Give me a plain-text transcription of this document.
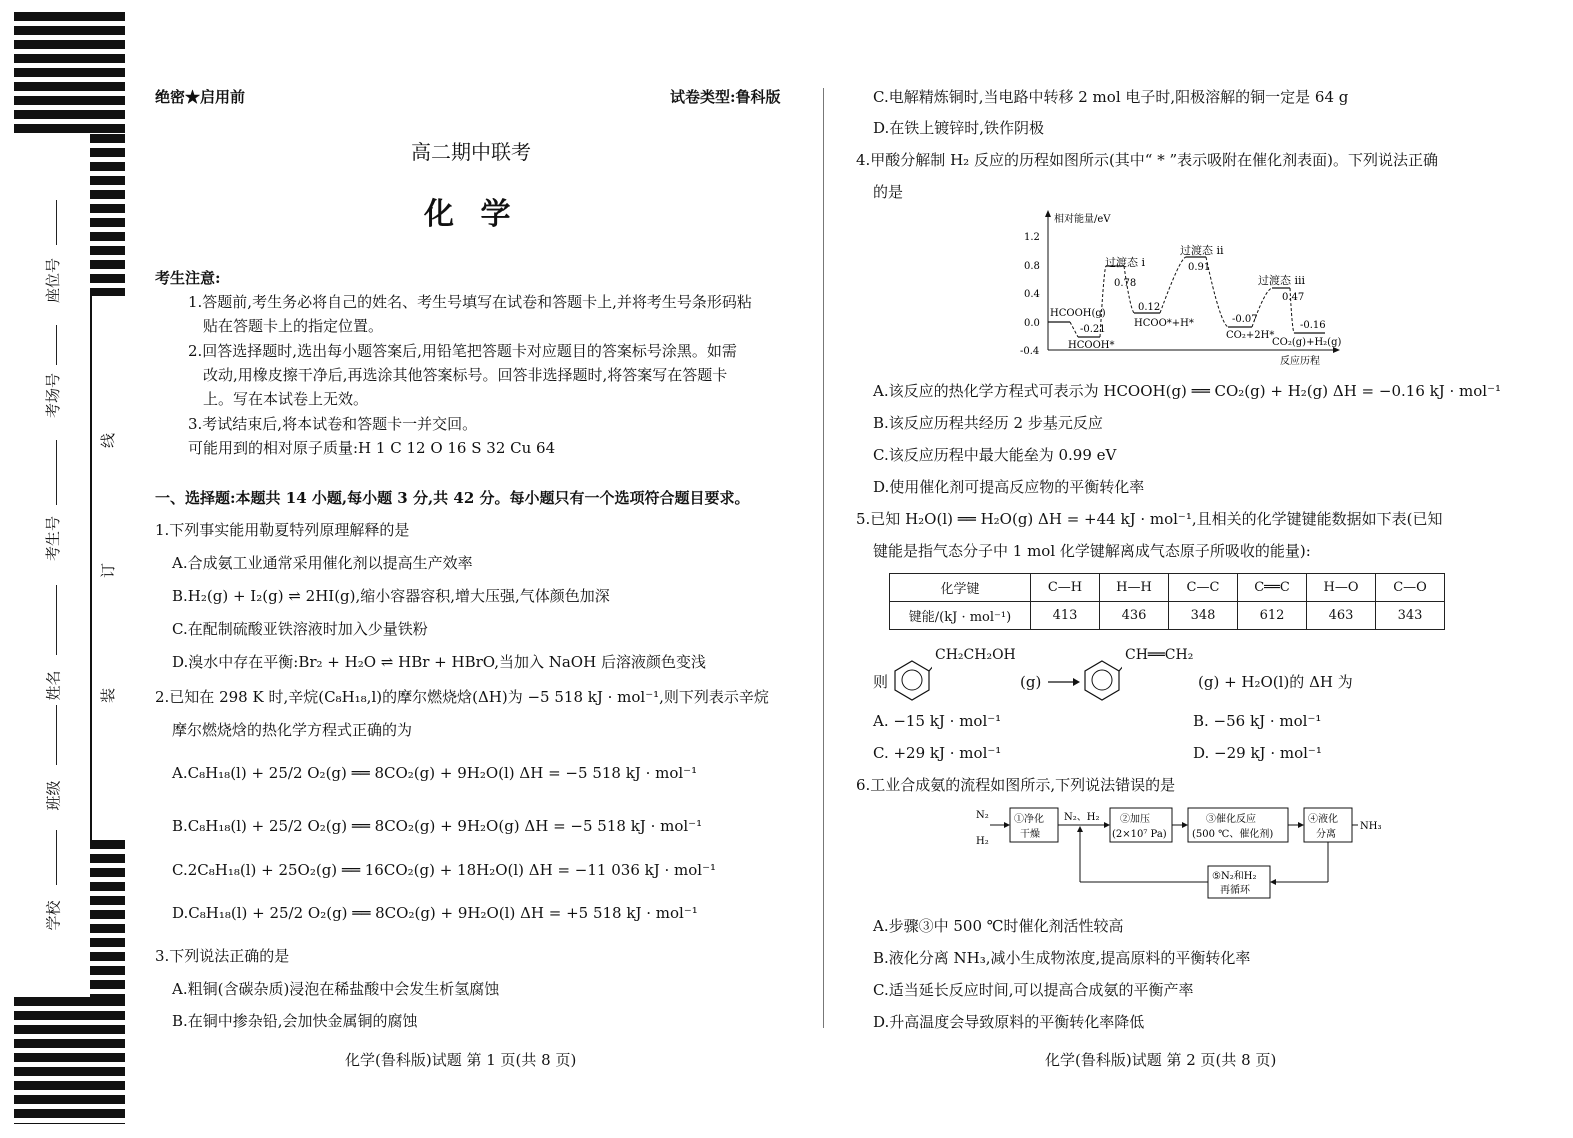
座位号
考场号
考生号
姓名
班级
学校
线
订
装
绝密★启用前	试卷类型:鲁科版
高二期中联考
化 学
考生注意:
1.答题前,考生务必将自己的姓名、考生号填写在试卷和答题卡上,并将考生号条形码粘
贴在答题卡上的指定位置。
2.回答选择题时,选出每小题答案后,用铅笔把答题卡对应题目的答案标号涂黑。如需
改动,用橡皮擦干净后,再选涂其他答案标号。回答非选择题时,将答案写在答题卡
上。写在本试卷上无效。
3.考试结束后,将本试卷和答题卡一并交回。
可能用到的相对原子质量:H 1 C 12 O 16 S 32 Cu 64
一、选择题:本题共 14 小题,每小题 3 分,共 42 分。每小题只有一个选项符合题目要求。
1.下列事实能用勒夏特列原理解释的是
A.合成氨工业通常采用催化剂以提高生产效率
B.H₂(g) + I₂(g) ⇌ 2HI(g),缩小容器容积,增大压强,气体颜色加深
C.在配制硫酸亚铁溶液时加入少量铁粉
D.溴水中存在平衡:Br₂ + H₂O ⇌ HBr + HBrO,当加入 NaOH 后溶液颜色变浅
2.已知在 298 K 时,辛烷(C₈H₁₈,l)的摩尔燃烧焓(ΔH)为 −5 518 kJ · mol⁻¹,则下列表示辛烷
摩尔燃烧焓的热化学方程式正确的为
A.C₈H₁₈(l) + 25/2 O₂(g) ══ 8CO₂(g) + 9H₂O(l) ΔH = −5 518 kJ · mol⁻¹
B.C₈H₁₈(l) + 25/2 O₂(g) ══ 8CO₂(g) + 9H₂O(g) ΔH = −5 518 kJ · mol⁻¹
C.2C₈H₁₈(l) + 25O₂(g) ══ 16CO₂(g) + 18H₂O(l) ΔH = −11 036 kJ · mol⁻¹
D.C₈H₁₈(l) + 25/2 O₂(g) ══ 8CO₂(g) + 9H₂O(l) ΔH = +5 518 kJ · mol⁻¹
3.下列说法正确的是
A.粗铜(含碳杂质)浸泡在稀盐酸中会发生析氢腐蚀
B.在铜中掺杂铅,会加快金属铜的腐蚀
化学(鲁科版)试题 第 1 页(共 8 页)
C.电解精炼铜时,当电路中转移 2 mol 电子时,阳极溶解的铜一定是 64 g
D.在铁上镀锌时,铁作阴极
4.甲酸分解制 H₂ 反应的历程如图所示(其中“ * ”表示吸附在催化剂表面)。下列说法正确
的是
相对能量/eV
反应历程
1.2
0.8
0.4
0.0
-0.4
HCOOH(g)
-0.21
HCOOH*
过渡态 i
0.78
0.12
HCOO*+H*
过渡态 ii
0.91
-0.07
CO₂+2H*
过渡态 iii
0.47
-0.16
CO₂(g)+H₂(g)
A.该反应的热化学方程式可表示为 HCOOH(g) ══ CO₂(g) + H₂(g) ΔH = −0.16 kJ · mol⁻¹
B.该反应历程共经历 2 步基元反应
C.该反应历程中最大能垒为 0.99 eV
D.使用催化剂可提高反应物的平衡转化率
5.已知 H₂O(l) ══ H₂O(g) ΔH = +44 kJ · mol⁻¹,且相关的化学键键能数据如下表(已知
键能是指气态分子中 1 mol 化学键解离成气态原子所吸收的能量):
化学键	C—H	H—H	C—C	C══C	H—O	C—O
键能/(kJ · mol⁻¹)	413	436	348	612	463	343
则
CH₂CH₂OH
(g) →
CH══CH₂
(g) + H₂O(l)的 ΔH 为
A. −15 kJ · mol⁻¹	B. −56 kJ · mol⁻¹
C. +29 kJ · mol⁻¹	D. −29 kJ · mol⁻¹
6.工业合成氨的流程如图所示,下列说法错误的是
N₂
H₂
①净化
干燥
N₂、H₂ ②加压
(2×10⁷ Pa)
③催化反应
(500 ℃、催化剂)
④液化
分离
NH₃
⑤N₂和H₂
再循环
A.步骤③中 500 ℃时催化剂活性较高
B.液化分离 NH₃,减小生成物浓度,提高原料的平衡转化率
C.适当延长反应时间,可以提高合成氨的平衡产率
D.升高温度会导致原料的平衡转化率降低
化学(鲁科版)试题 第 2 页(共 8 页)
